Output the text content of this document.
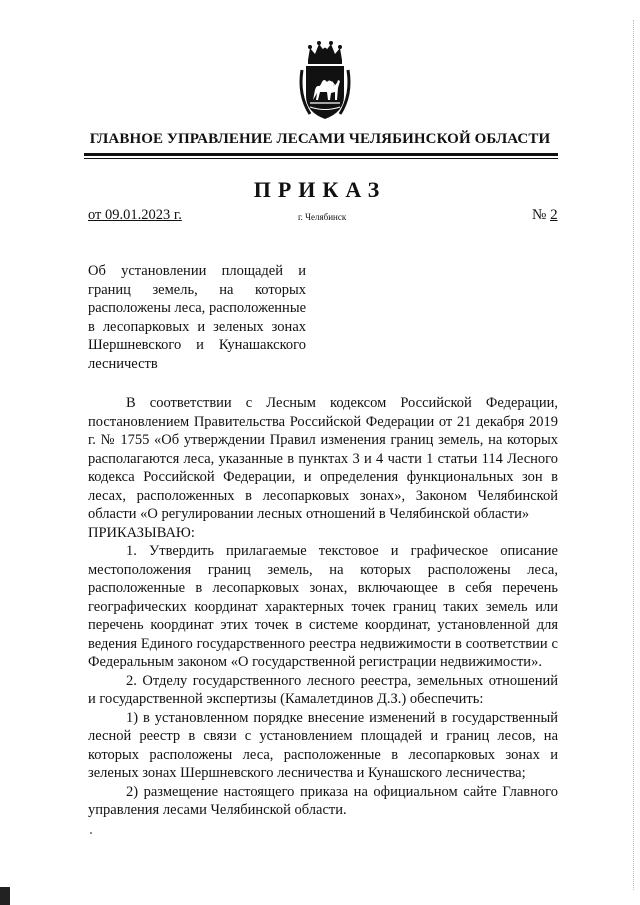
ГЛАВНОЕ УПРАВЛЕНИЕ ЛЕСАМИ ЧЕЛЯБИНСКОЙ ОБЛАСТИ
ПРИКАЗ
от 09.01.2023 г.	г. Челябинск	№ 2
Об установлении площадей и границ земель, на которых расположены леса, расположенные в лесопарковых и зеленых зонах Шершневского и Кунашакского лесничеств

В соответствии с Лесным кодексом Российской Федерации, постановлением Правительства Российской Федерации от 21 декабря 2019 г. № 1755 «Об утверждении Правил изменения границ земель, на которых располагаются леса, указанные в пунктах 3 и 4 части 1 статьи 114 Лесного кодекса Российской Федерации, и определения функциональных зон в лесах, расположенных в лесопарковых зонах», Законом Челябинской области «О регулировании лесных отношений в Челябинской области»

ПРИКАЗЫВАЮ:

1. Утвердить прилагаемые текстовое и графическое описание местоположения границ земель, на которых расположены леса, расположенные в лесопарковых зонах, включающее в себя перечень географических координат характерных точек границ таких земель или перечень координат этих точек в системе координат, установленной для ведения Единого государственного реестра недвижимости в соответствии с Федеральным законом «О государственной регистрации недвижимости».

2. Отделу государственного лесного реестра, земельных отношений и государственной экспертизы (Камалетдинов Д.З.) обеспечить:

1) в установленном порядке внесение изменений в государственный лесной реестр в связи с установлением площадей и границ лесов, на которых расположены леса, расположенные в лесопарковых зонах и зеленых зонах Шершневского лесничества и Кунашского лесничества;

2) размещение настоящего приказа на официальном сайте Главного управления лесами Челябинской области.
